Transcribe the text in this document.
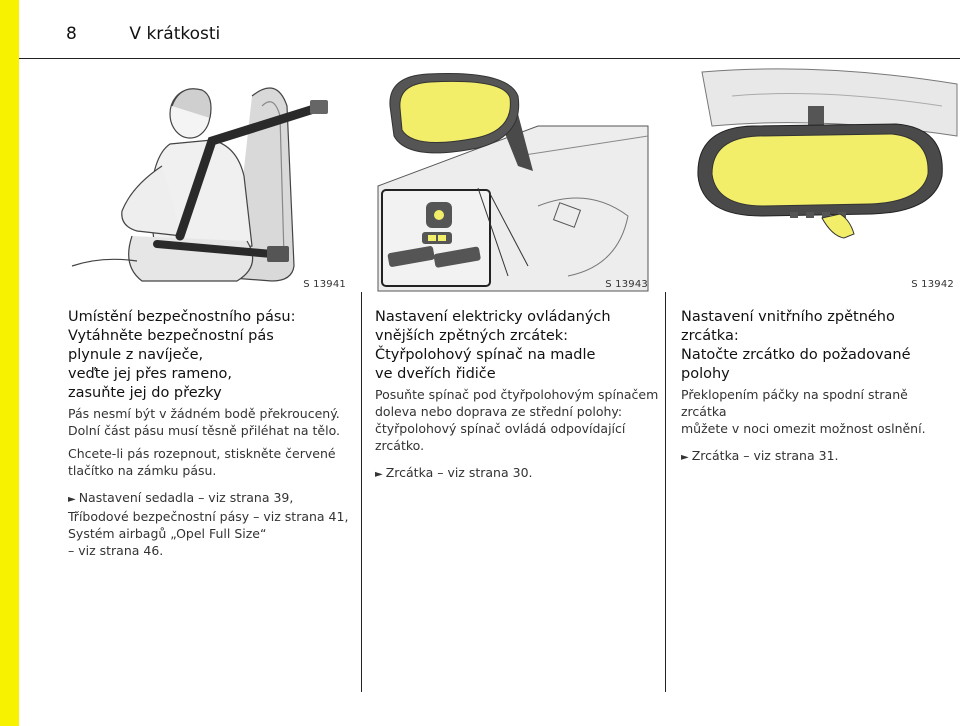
8	V krátkosti
S 13941	S 13943	S 13942
Umístění bezpečnostního pásu:
Vytáhněte bezpečnostní pás
plynule z navíječe,
veďte jej přes rameno,
zasuňte jej do přezky

Pás nesmí být v žádném bodě překroucený.
Dolní část pásu musí těsně přiléhat na tělo.

Chcete-li pás rozepnout, stiskněte červené
tlačítko na zámku pásu.

► Nastavení sedadla – viz strana 39,
Tříbodové bezpečnostní pásy – viz strana 41,
Systém airbagů „Opel Full Size“
– viz strana 46.
Nastavení elektricky ovládaných
vnějších zpětných zrcátek:
Čtyřpolohový spínač na madle
ve dveřích řidiče

Posuňte spínač pod čtyřpolohovým spínačem
doleva nebo doprava ze střední polohy:
čtyřpolohový spínač ovládá odpovídající
zrcátko.

► Zrcátka – viz strana 30.
Nastavení vnitřního zpětného
zrcátka:
Natočte zrcátko do požadované
polohy

Překlopením páčky na spodní straně zrcátka
můžete v noci omezit možnost oslnění.

► Zrcátka – viz strana 31.
